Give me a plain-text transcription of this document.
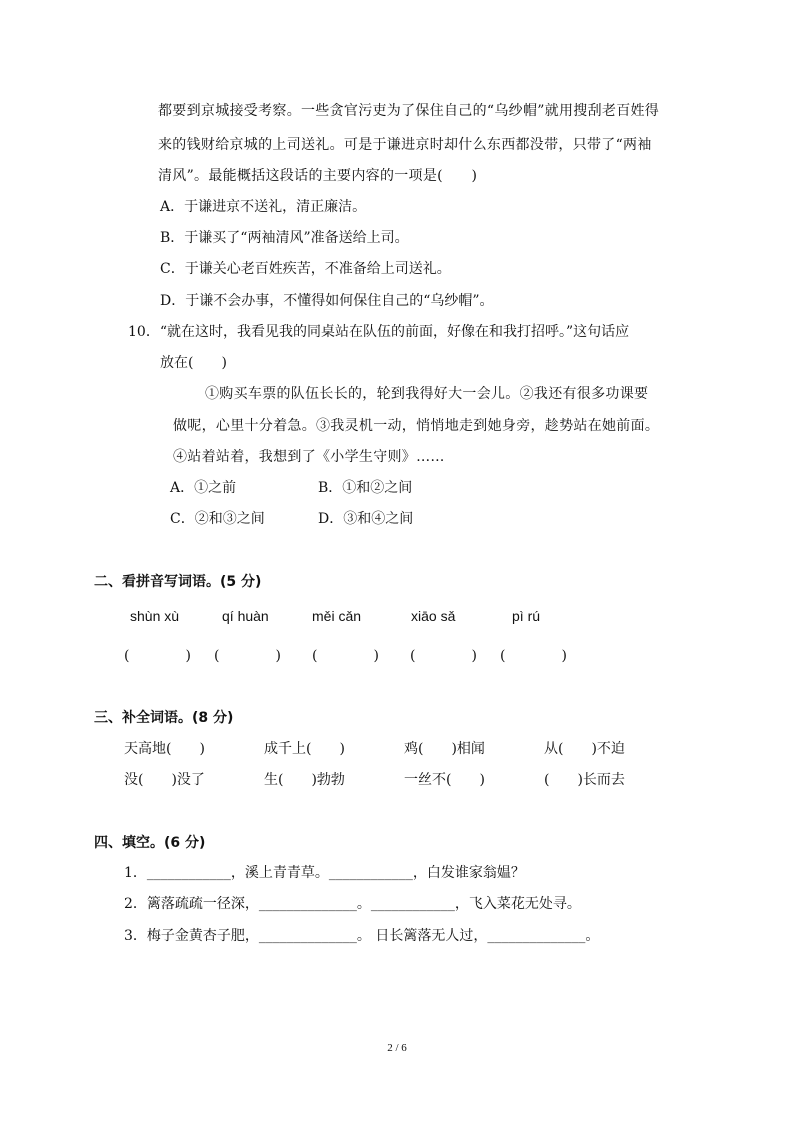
都要到京城接受考察。一些贪官污吏为了保住自己的“乌纱帽”就用搜刮老百姓得
来的钱财给京城的上司送礼。可是于谦进京时却什么东西都没带，只带了“两袖
清风”。最能概括这段话的主要内容的一项是(　　)
A．于谦进京不送礼，清正廉洁。
B．于谦买了“两袖清风”准备送给上司。
C．于谦关心老百姓疾苦，不准备给上司送礼。
D．于谦不会办事，不懂得如何保住自己的“乌纱帽”。
10．“就在这时，我看见我的同桌站在队伍的前面，好像在和我打招呼。”这句话应
放在(　　)
①购买车票的队伍长长的，轮到我得好大一会儿。②我还有很多功课要
做呢，心里十分着急。③我灵机一动，悄悄地走到她身旁，趁势站在她前面。
④站着站着，我想到了《小学生守则》……
A．①之前	B．①和②之间
C．②和③之间	D．③和④之间
二、看拼音写词语。(5 分)
shùn xù	qí huàn	měi cǎn	xiāo sǎ	pì rú
(　　　　)	(　　　　)	(　　　　)	(　　　　)	(　　　　)
三、补全词语。(8 分)
天高地(　　)	成千上(　　)	鸡(　　)相闻	从(　　)不迫
没(　　)没了	生(　　)勃勃	一丝不(　　)	(　　)长而去
四、填空。(6 分)
1．____________，溪上青青草。____________，白发谁家翁媪？
2．篱落疏疏一径深，______________。____________，飞入菜花无处寻。
3．梅子金黄杏子肥，______________。 日长篱落无人过，______________。
2 / 6
